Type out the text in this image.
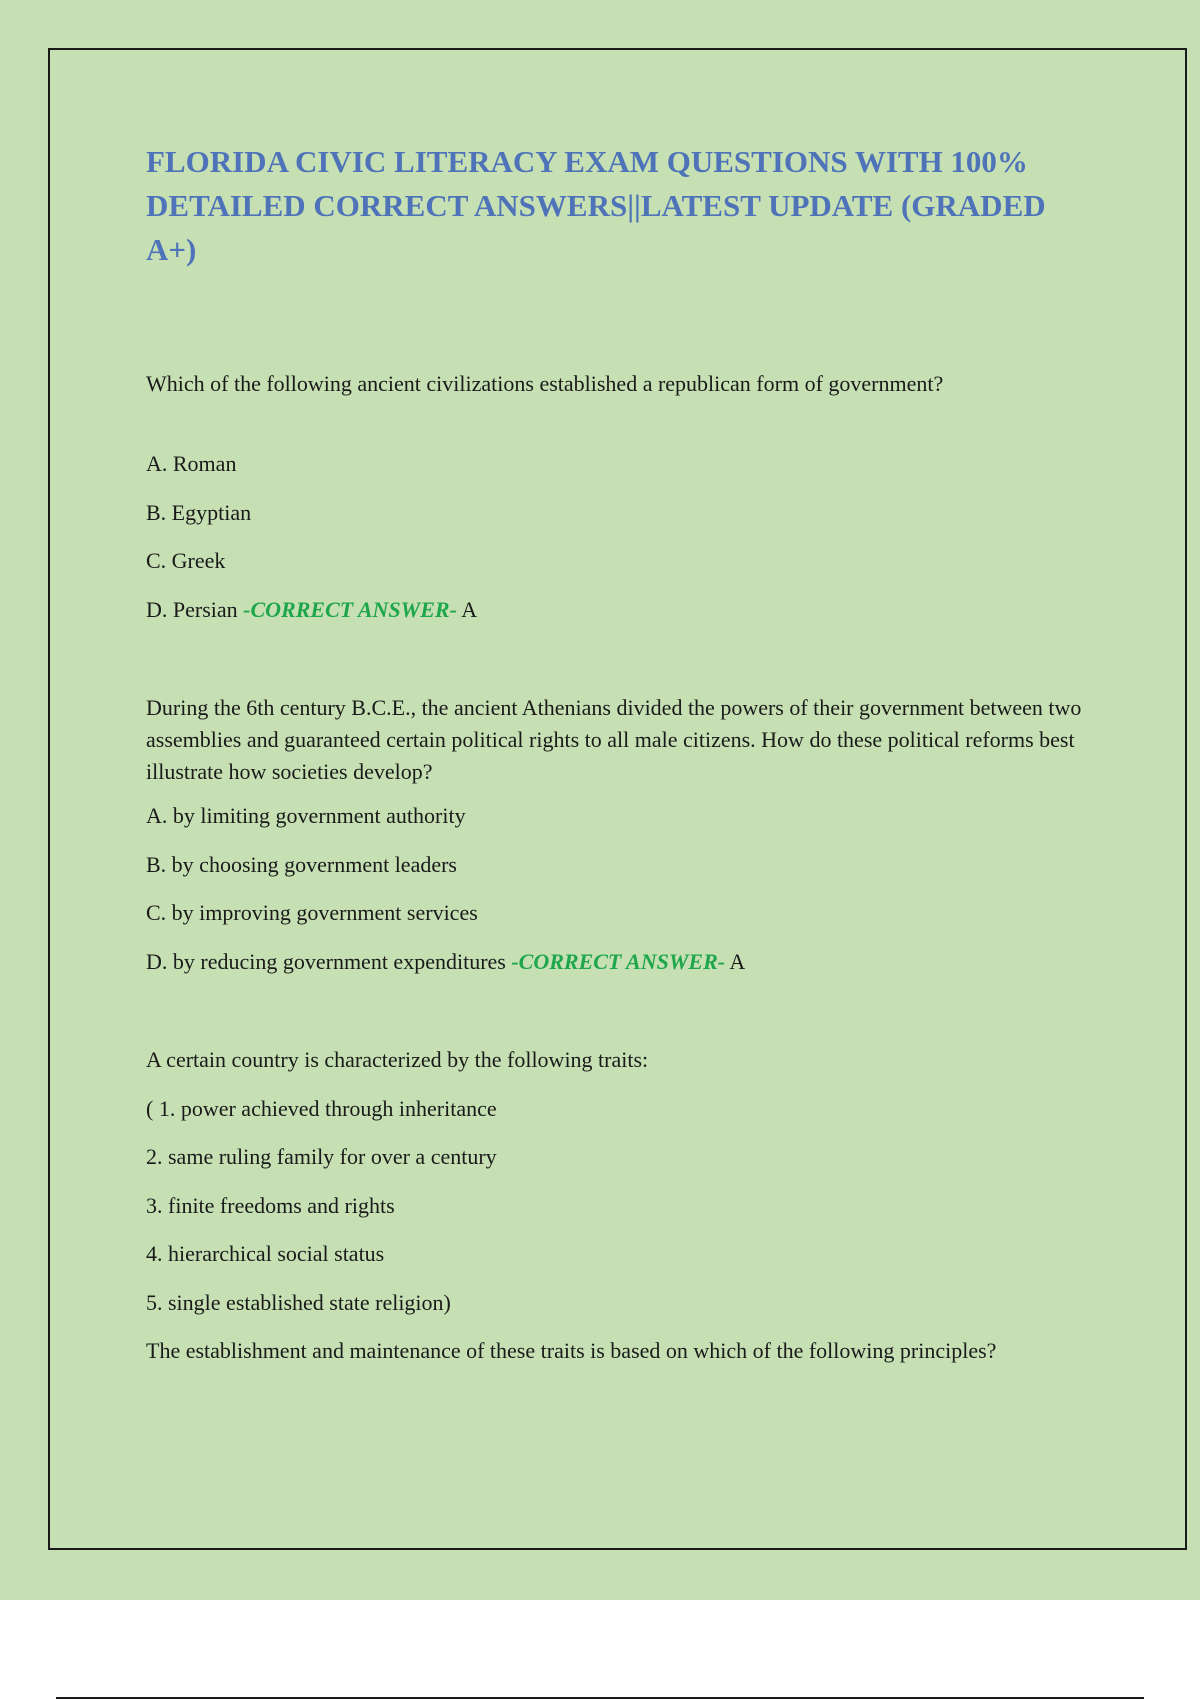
FLORIDA CIVIC LITERACY EXAM QUESTIONS WITH 100% DETAILED CORRECT ANSWERS||LATEST UPDATE (GRADED A+)

Which of the following ancient civilizations established a republican form of government?

A. Roman

B. Egyptian

C. Greek

D. Persian -CORRECT ANSWER- A

During the 6th century B.C.E., the ancient Athenians divided the powers of their government between two assemblies and guaranteed certain political rights to all male citizens. How do these political reforms best illustrate how societies develop?

A. by limiting government authority

B. by choosing government leaders

C. by improving government services

D. by reducing government expenditures -CORRECT ANSWER- A

A certain country is characterized by the following traits:

( 1. power achieved through inheritance

2. same ruling family for over a century

3. finite freedoms and rights

4. hierarchical social status

5. single established state religion)

The establishment and maintenance of these traits is based on which of the following principles?
